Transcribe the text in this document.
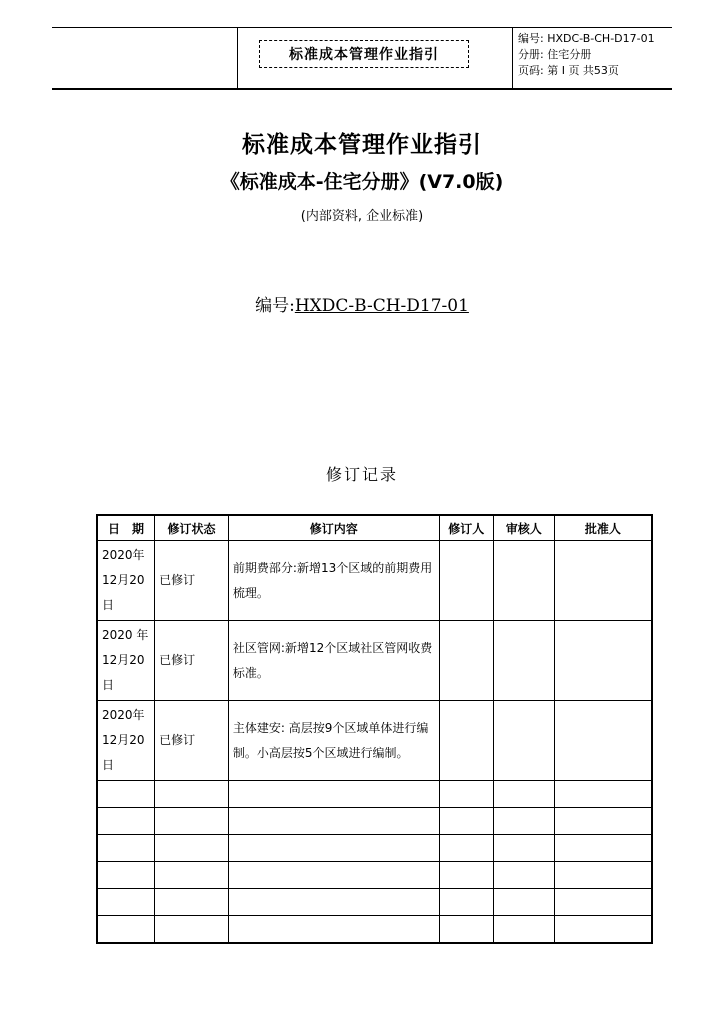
标准成本管理作业指引
编号: HXDC-B-CH-D17-01
分册: 住宅分册
页码: 第 I 页 共53页
标准成本管理作业指引
《标准成本-住宅分册》(V7.0版)
(内部资料, 企业标准)
编号:HXDC-B-CH-D17-01
修订记录
日　期	修订状态	修订内容	修订人	审核人	批准人
2020年12月20日	已修订	前期费部分:新增13个区域的前期费用梳理。			
2020 年12月20日	已修订	社区管网:新增12个区域社区管网收费标准。			
2020年12月20日	已修订	主体建安: 高层按9个区域单体进行编制。小高层按5个区域进行编制。			
